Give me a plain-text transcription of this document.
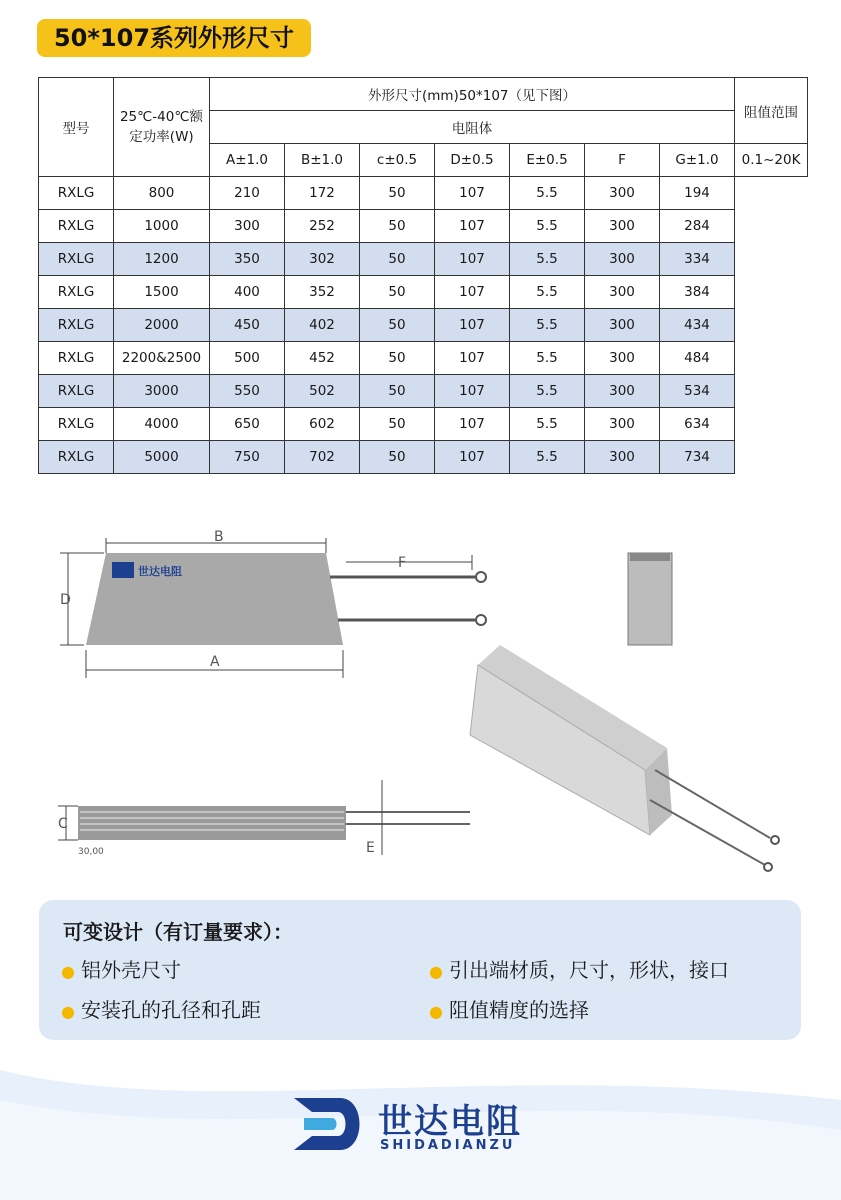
50*107系列外形尺寸
型号	25℃-40℃额定功率(W)	外形尺寸(mm)50*107（见下图）							阻值范围
		电阻体							
		A±1.0	B±1.0	c±0.5	D±0.5	E±0.5	F	G±1.0	0.1~20K
RXLG	800	210	172	50	107	5.5	300	194	
RXLG	1000	300	252	50	107	5.5	300	284	
RXLG	1200	350	302	50	107	5.5	300	334	
RXLG	1500	400	352	50	107	5.5	300	384	
RXLG	2000	450	402	50	107	5.5	300	434	
RXLG	2200&2500	500	452	50	107	5.5	300	484	
RXLG	3000	550	502	50	107	5.5	300	534	
RXLG	4000	650	602	50	107	5.5	300	634	
RXLG	5000	750	702	50	107	5.5	300	734	
世达电阻
B
A
D
F
C
E
30,00
可变设计（有订量要求）：
● 铝外壳尺寸	● 引出端材质，尺寸，形状，接口
● 安装孔的孔径和孔距	● 阻值精度的选择
世达电阻
SHIDADIANZU
